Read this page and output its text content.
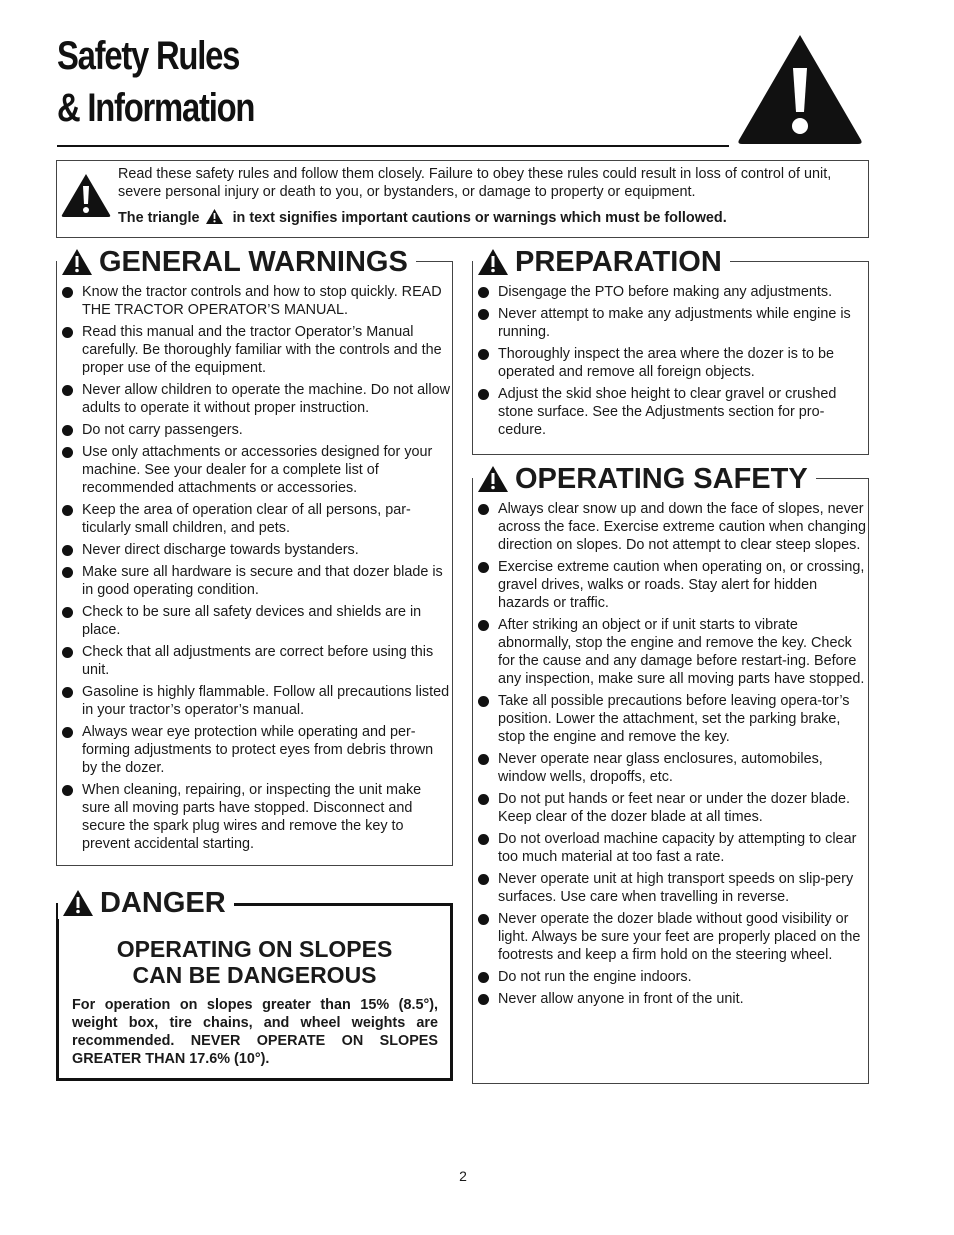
Safety Rules
& Information
Read these safety rules and follow them closely. Failure to obey these rules could result in loss of control of unit, severe personal injury or death to you, or bystanders, or damage to property or equipment.
The triangle in text signifies important cautions or warnings which must be followed.
GENERAL WARNINGS
Know the tractor controls and how to stop quickly. READ THE TRACTOR OPERATOR’S MANUAL.
Read this manual and the tractor Operator’s Manual carefully. Be thoroughly familiar with the controls and the proper use of the equipment.
Never allow children to operate the machine. Do not allow adults to operate it without proper instruction.
Do not carry passengers.
Use only attachments or accessories designed for your machine. See your dealer for a complete list of recommended attachments or accessories.
Keep the area of operation clear of all persons, par-ticularly small children, and pets.
Never direct discharge towards bystanders.
Make sure all hardware is secure and that dozer blade is in good operating condition.
Check to be sure all safety devices and shields are in place.
Check that all adjustments are correct before using this unit.
Gasoline is highly flammable. Follow all precautions listed in your tractor’s operator’s manual.
Always wear eye protection while operating and per-forming adjustments to protect eyes from debris thrown by the dozer.
When cleaning, repairing, or inspecting the unit make sure all moving parts have stopped. Disconnect and secure the spark plug wires and remove the key to prevent accidental starting.
DANGER
OPERATING ON SLOPES
CAN BE DANGEROUS
For operation on slopes greater than 15% (8.5°), weight box, tire chains, and wheel weights are recommended. NEVER OPERATE ON SLOPES GREATER THAN 17.6% (10°).
PREPARATION
Disengage the PTO before making any adjustments.
Never attempt to make any adjustments while engine is running.
Thoroughly inspect the area where the dozer is to be operated and remove all foreign objects.
Adjust the skid shoe height to clear gravel or crushed stone surface. See the Adjustments section for pro-cedure.
OPERATING SAFETY
Always clear snow up and down the face of slopes, never across the face. Exercise extreme caution when changing direction on slopes. Do not attempt to clear steep slopes.
Exercise extreme caution when operating on, or crossing, gravel drives, walks or roads. Stay alert for hidden hazards or traffic.
After striking an object or if unit starts to vibrate abnormally, stop the engine and remove the key. Check for the cause and any damage before restart-ing. Before any inspection, make sure all moving parts have stopped.
Take all possible precautions before leaving opera-tor’s position. Lower the attachment, set the parking brake, stop the engine and remove the key.
Never operate near glass enclosures, automobiles, window wells, dropoffs, etc.
Do not put hands or feet near or under the dozer blade. Keep clear of the dozer blade at all times.
Do not overload machine capacity by attempting to clear too much material at too fast a rate.
Never operate unit at high transport speeds on slip-pery surfaces. Use care when travelling in reverse.
Never operate the dozer blade without good visibility or light. Always be sure your feet are properly placed on the footrests and keep a firm hold on the steering wheel.
Do not run the engine indoors.
Never allow anyone in front of the unit.
2
